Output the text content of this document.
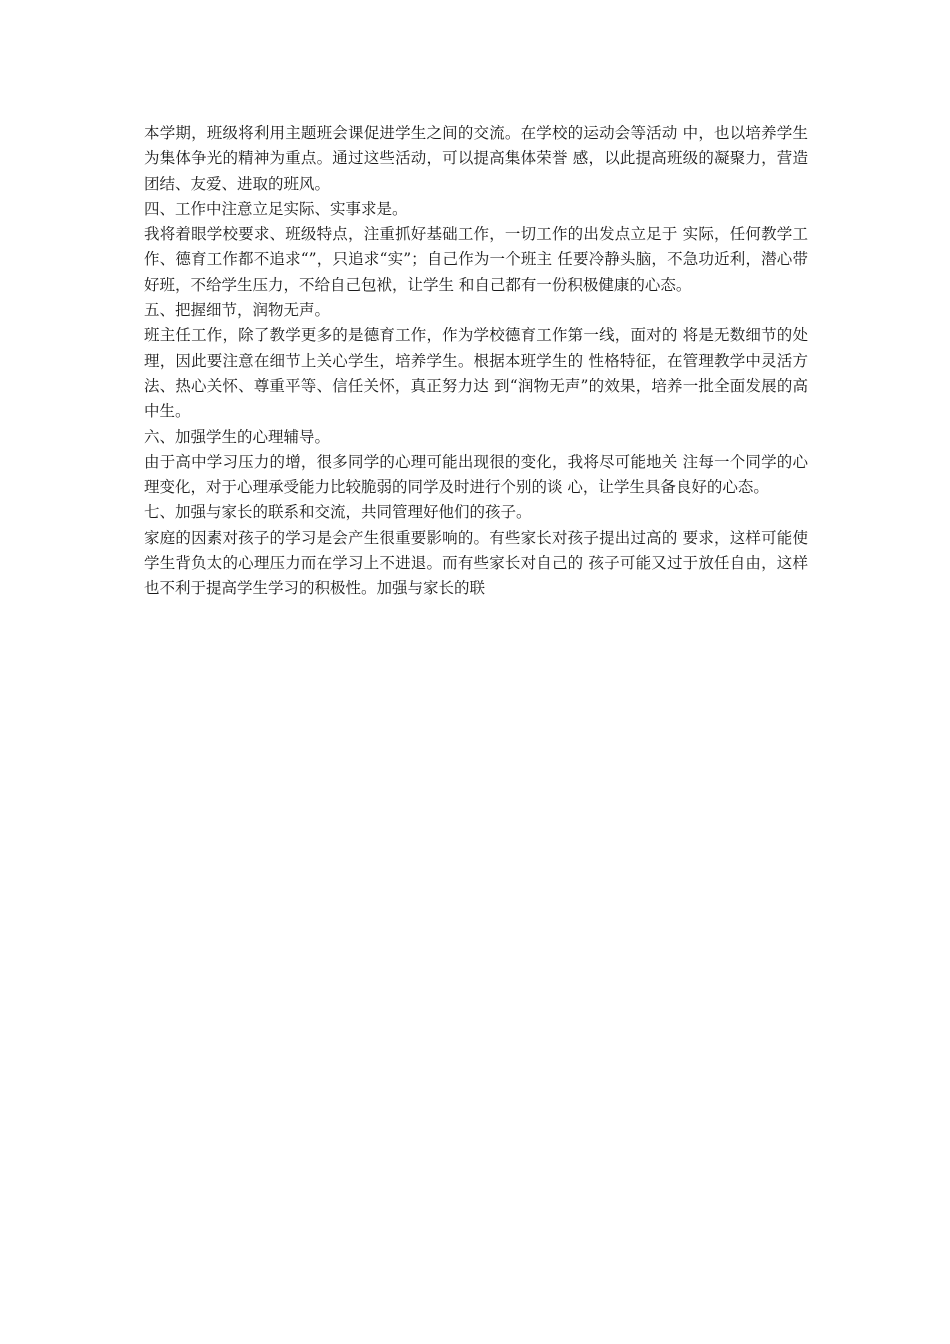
本学期，班级将利用主题班会课促进学生之间的交流。在学校的运动会等活动 中，也以培养学生为集体争光的精神为重点。通过这些活动，可以提高集体荣誉 感，以此提高班级的凝聚力，营造团结、友爱、进取的班风。

四、工作中注意立足实际、实事求是。

我将着眼学校要求、班级特点，注重抓好基础工作，一切工作的出发点立足于 实际，任何教学工作、德育工作都不追求“”，只追求“实”；自己作为一个班主 任要冷静头脑，不急功近利，潜心带好班，不给学生压力，不给自己包袱，让学生 和自己都有一份积极健康的心态。

五、把握细节，润物无声。

班主任工作，除了教学更多的是德育工作，作为学校德育工作第一线，面对的 将是无数细节的处理，因此要注意在细节上关心学生，培养学生。根据本班学生的 性格特征，在管理教学中灵活方法、热心关怀、尊重平等、信任关怀，真正努力达 到“润物无声”的效果，培养一批全面发展的高中生。

六、加强学生的心理辅导。

由于高中学习压力的增，很多同学的心理可能出现很的变化，我将尽可能地关 注每一个同学的心理变化，对于心理承受能力比较脆弱的同学及时进行个别的谈 心，让学生具备良好的心态。

七、加强与家长的联系和交流，共同管理好他们的孩子。

家庭的因素对孩子的学习是会产生很重要影响的。有些家长对孩子提出过高的 要求，这样可能使学生背负太的心理压力而在学习上不进退。而有些家长对自己的 孩子可能又过于放任自由，这样也不利于提高学生学习的积极性。加强与家长的联
